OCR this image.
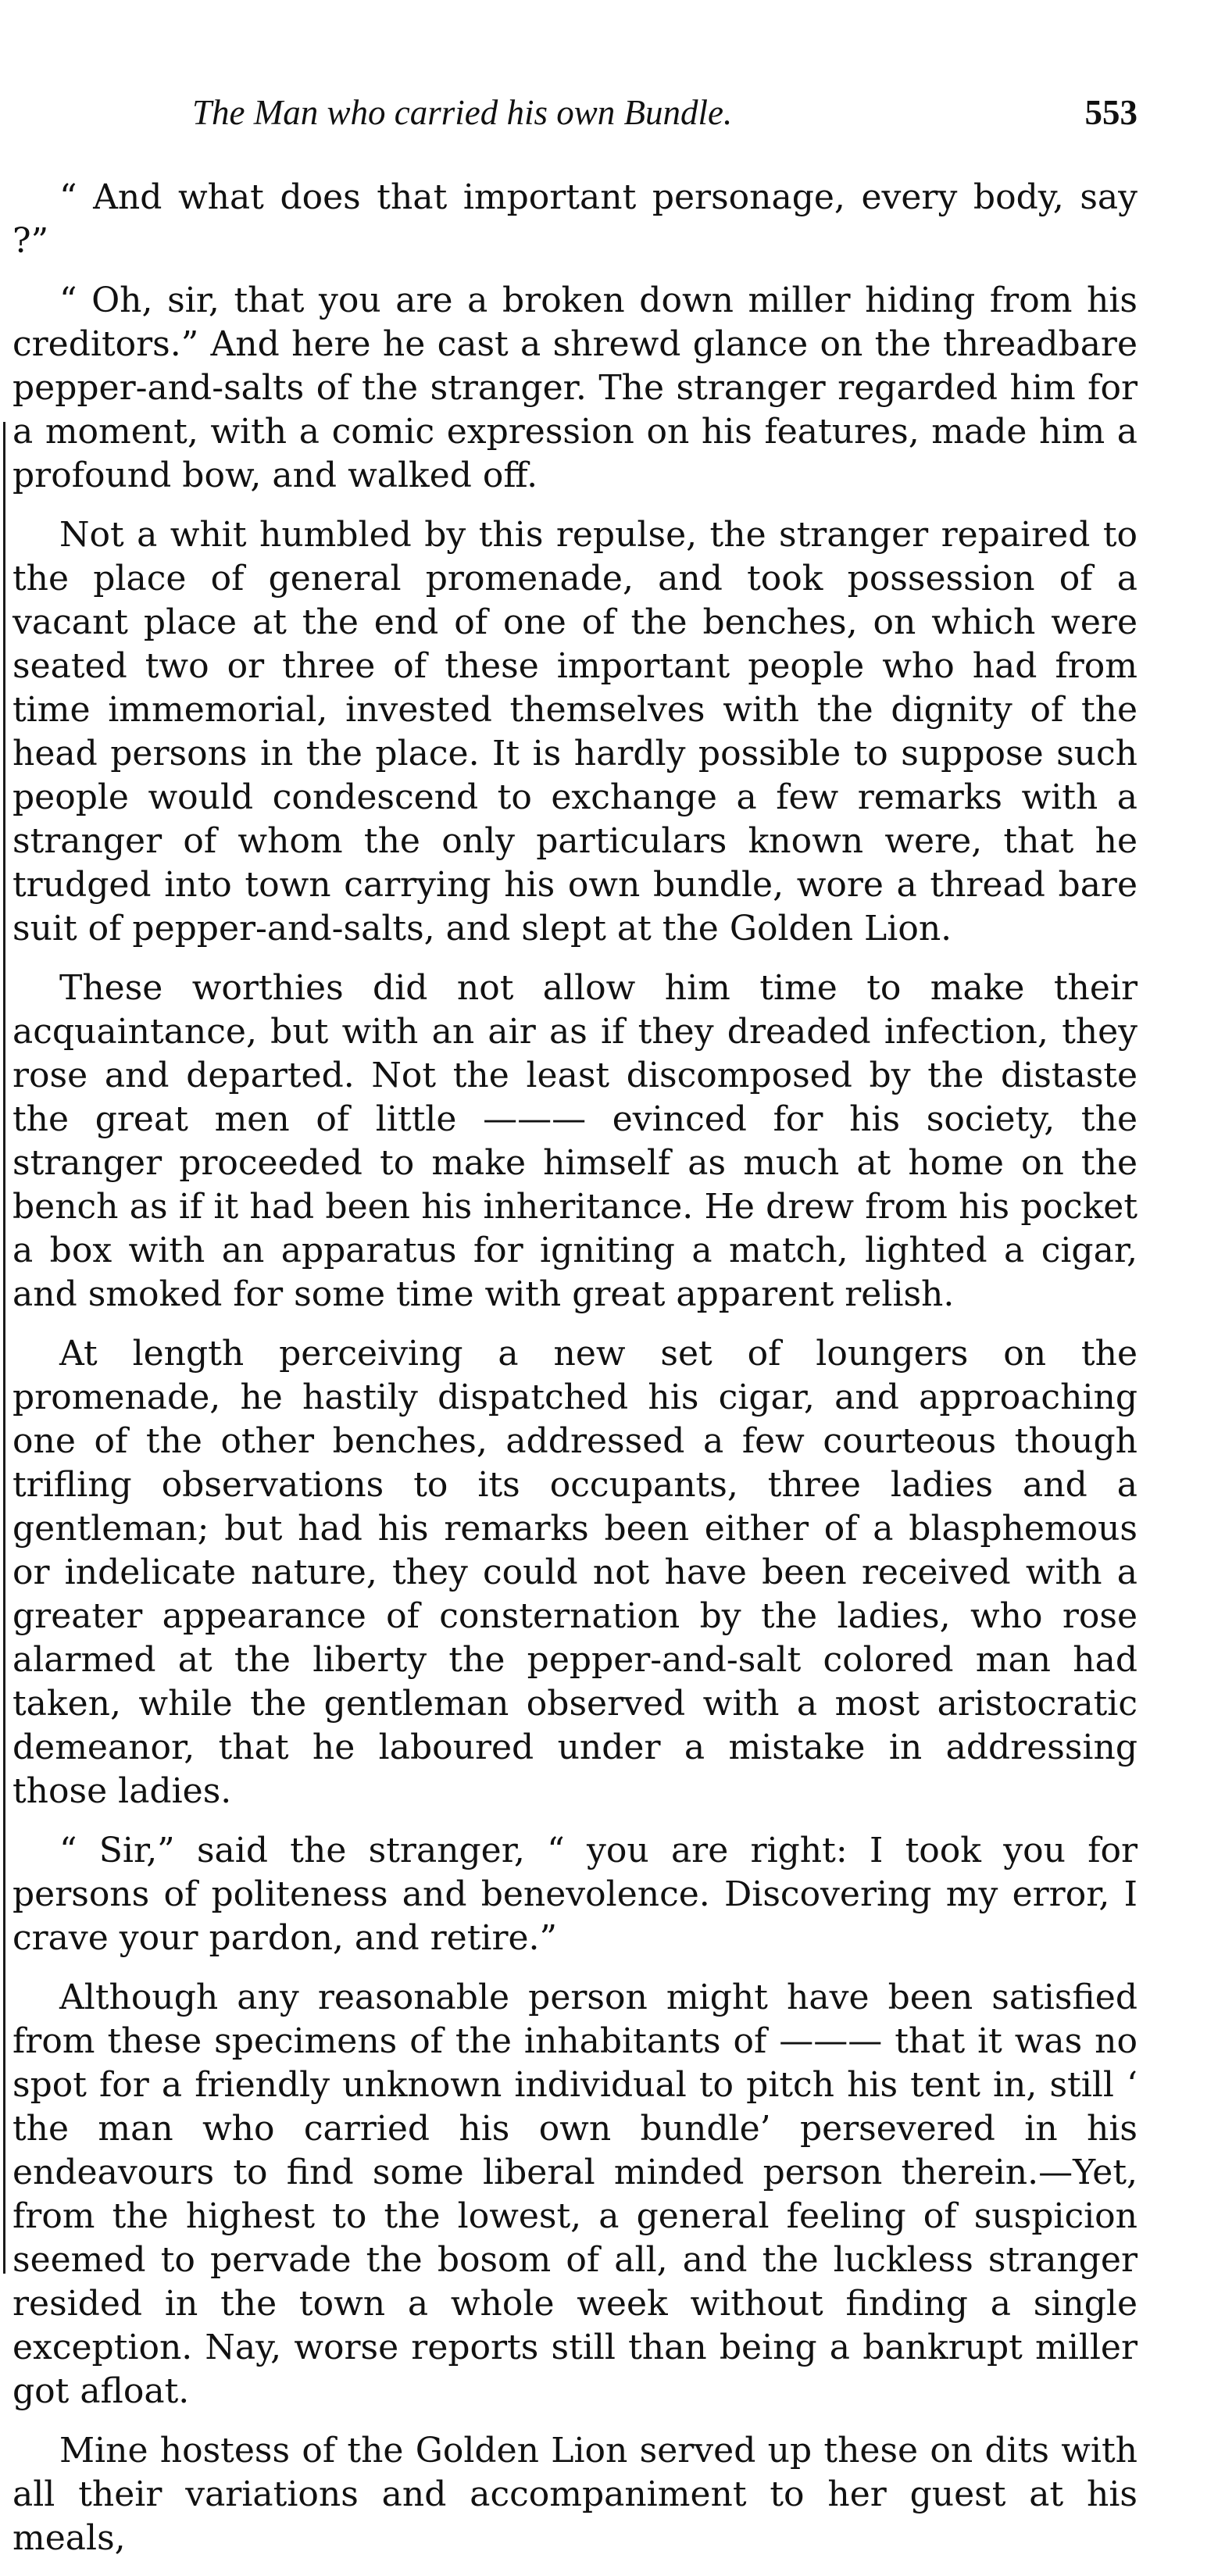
The Man who carried his own Bundle.	553

“ And what does that important personage, every body, say ?”

“ Oh, sir, that you are a broken down miller hiding from his creditors.” And here he cast a shrewd glance on the threadbare pepper-and-salts of the stranger. The stranger regarded him for a moment, with a comic expression on his features, made him a profound bow, and walked off.

Not a whit humbled by this repulse, the stranger repaired to the place of general promenade, and took possession of a vacant place at the end of one of the benches, on which were seated two or three of these important people who had from time immemorial, invested themselves with the dignity of the head persons in the place. It is hardly possible to suppose such people would condescend to exchange a few remarks with a stranger of whom the only particulars known were, that he trudged into town carrying his own bundle, wore a thread bare suit of pepper-and-salts, and slept at the Golden Lion.

These worthies did not allow him time to make their acquaintance, but with an air as if they dreaded infection, they rose and departed. Not the least discomposed by the distaste the great men of little ——— evinced for his society, the stranger proceeded to make himself as much at home on the bench as if it had been his inheritance. He drew from his pocket a box with an apparatus for igniting a match, lighted a cigar, and smoked for some time with great apparent relish.

At length perceiving a new set of loungers on the promenade, he hastily dispatched his cigar, and approaching one of the other benches, addressed a few courteous though trifling observations to its occupants, three ladies and a gentleman; but had his remarks been either of a blasphemous or indelicate nature, they could not have been received with a greater appearance of consternation by the ladies, who rose alarmed at the liberty the pepper-and-salt colored man had taken, while the gentleman observed with a most aristocratic demeanor, that he laboured under a mistake in addressing those ladies.

“ Sir,” said the stranger, “ you are right: I took you for persons of politeness and benevolence. Discovering my error, I crave your pardon, and retire.”

Although any reasonable person might have been satisfied from these specimens of the inhabitants of ——— that it was no spot for a friendly unknown individual to pitch his tent in, still ‘ the man who carried his own bundle’ persevered in his endeavours to find some liberal minded person therein.—Yet, from the highest to the lowest, a general feeling of suspicion seemed to pervade the bosom of all, and the luckless stranger resided in the town a whole week without finding a single exception. Nay, worse reports still than being a bankrupt miller got afloat.

Mine hostess of the Golden Lion served up these on dits with all their variations and accompaniment to her guest at his meals,
